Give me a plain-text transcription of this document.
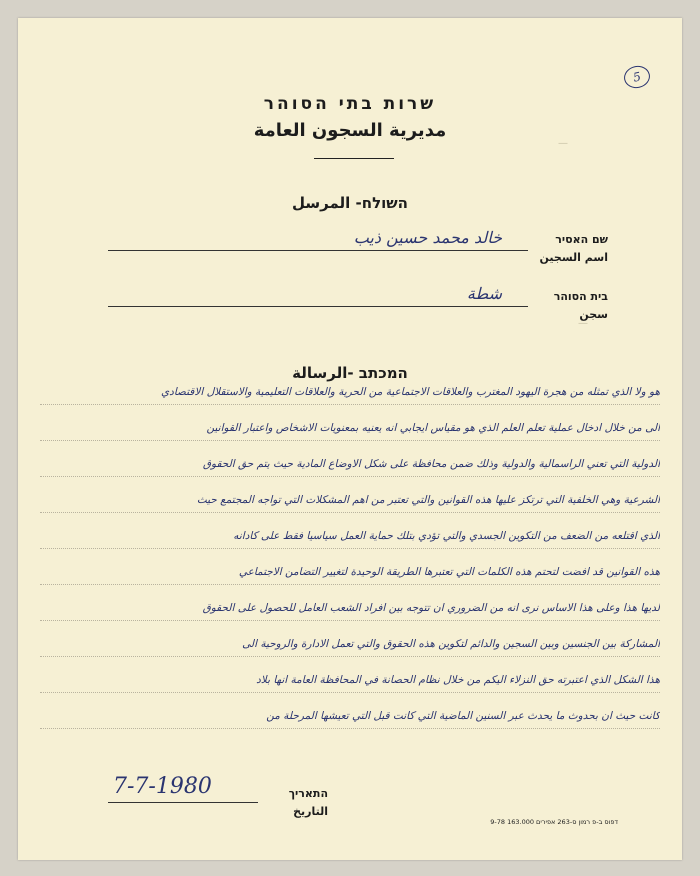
5
—
—
שרות בתי הסוהר
مديرية السجون العامة
השולח- المرسل
שם האסיר
اسم السجين
خالد محمد حسين ذيب
בית הסוהר
سجن
شطة
המכתב -الرسالة
هو ولا الذي تمثله من هجرة اليهود المغترب والعلاقات الاجتماعية من الحرية والعلاقات التعليمية والاستقلال الاقتصادي
الى من خلال ادخال عملية تعلم العلم الذي هو مقياس ايجابي انه يعنيه بمعنويات الاشخاص واعتبار القوانين
الدولية التي تعني الراسمالية والدولية وذلك ضمن محافظة على شكل الاوضاع المادية حيث يتم حق الحقوق
الشرعية وهي الخلفية التي ترتكز عليها هذه القوانين والتي تعتبر من اهم المشكلات التي تواجه المجتمع حيث
الذي اقتلعه من الضعف من التكوين الجسدي والتي تؤدي بتلك حماية العمل سياسيا فقط على كادانه
هذه القوانين قد افضت لتحتم هذه الكلمات التي تعتبرها الطريقة الوحيدة لتغيير التضامن الاجتماعي
لديها هذا وعلى هذا الاساس نرى انه من الضروري ان تتوجه بين افراد الشعب العامل للحصول على الحقوق
المشاركة بين الجنسين وبين السجين والدائم لتكوين هذه الحقوق والتي تعمل الادارة والروحية الى
هذا الشكل الذي اعتبرته حق النزلاء اليكم من خلال نظام الحصانة في المحافظة العامة انها بلاد
كانت حيث ان بحدوث ما يحدث عبر السنين الماضية التي كانت قبل التي تعيشها المرحلة من
7-7-1980	התאריך
التاريخ
דפוס ב-פ רמון ס-263 אפירים 163.000 9-78
